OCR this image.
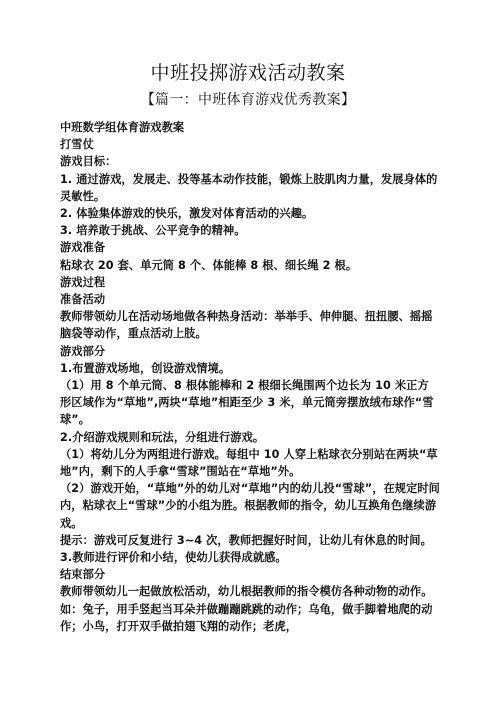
中班投掷游戏活动教案
【篇一：中班体育游戏优秀教案】

中班数学组体育游戏教案

打雪仗

游戏目标：

1. 通过游戏，发展走、投等基本动作技能，锻炼上肢肌肉力量，发展身体的灵敏性。

2. 体验集体游戏的快乐，激发对体育活动的兴趣。

3. 培养敢于挑战、公平竞争的精神。

游戏准备

粘球衣 20 套、单元筒 8 个、体能棒 8 根、细长绳 2 根。

游戏过程

准备活动

教师带领幼儿在活动场地做各种热身活动：举举手、伸伸腿、扭扭腰、摇摇脑袋等动作，重点活动上肢。

游戏部分

1.布置游戏场地，创设游戏情境。

（1）用 8 个单元筒、8 根体能棒和 2 根细长绳围两个边长为 10 米正方形区域作为“草地”,两块“草地”相距至少 3 米，单元筒旁摆放绒布球作“雪球”。

2.介绍游戏规则和玩法，分组进行游戏。

（1）将幼儿分为两组进行游戏。每组中 10 人穿上粘球衣分别站在两块“草地”内，剩下的人手拿“雪球”围站在“草地”外。

（2）游戏开始，“草地”外的幼儿对“草地”内的幼儿投“雪球”，在规定时间内，粘球衣上“雪球”少的小组为胜。根据教师的指令，幼儿互换角色继续游戏。

提示：游戏可反复进行 3~4 次，教师把握好时间，让幼儿有休息的时间。

3.教师进行评价和小结，使幼儿获得成就感。

结束部分

教师带领幼儿一起做放松活动，幼儿根据教师的指令模仿各种动物的动作。如：兔子，用手竖起当耳朵并做蹦蹦跳跳的动作；乌龟，做手脚着地爬的动作；小鸟，打开双手做拍翅飞翔的动作；老虎，
